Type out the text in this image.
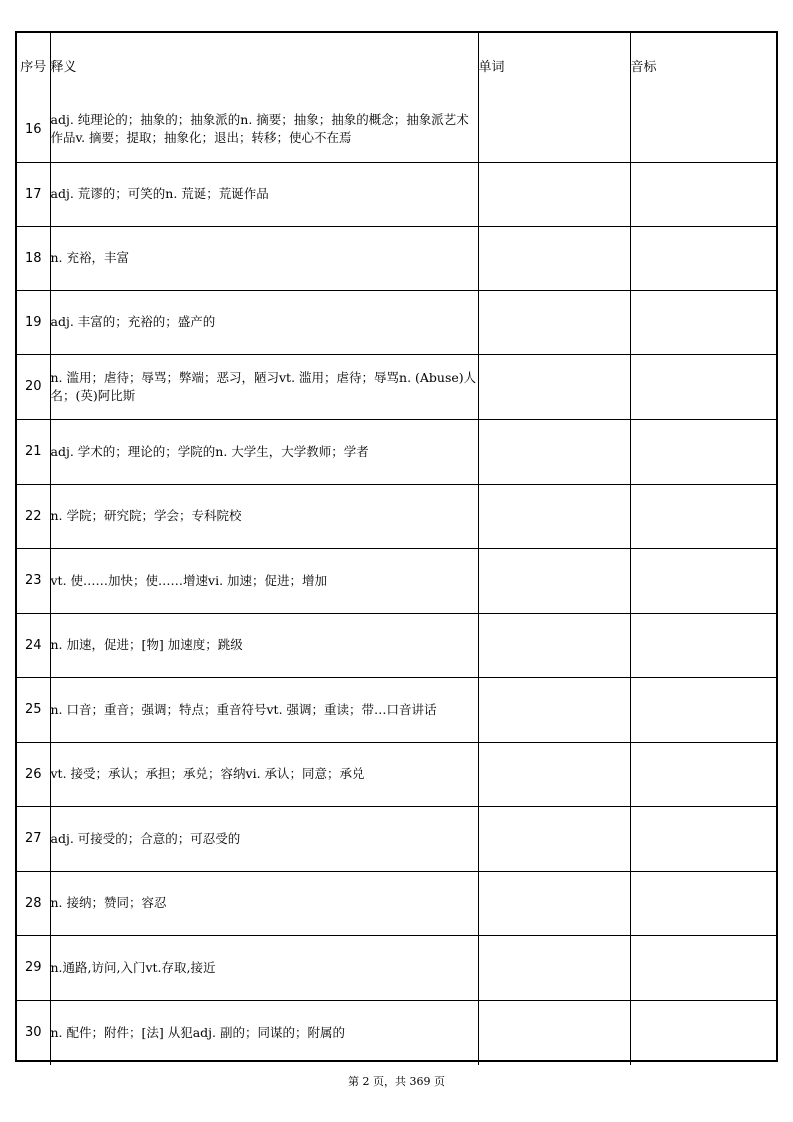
序号	释义	单词	音标
16	adj. 纯理论的；抽象的；抽象派的n. 摘要；抽象；抽象的概念；抽象派艺术作品v. 摘要；提取；抽象化；退出；转移；使心不在焉		
17	adj. 荒谬的；可笑的n. 荒诞；荒诞作品		
18	n. 充裕，丰富		
19	adj. 丰富的；充裕的；盛产的		
20	n. 滥用；虐待；辱骂；弊端；恶习，陋习vt. 滥用；虐待；辱骂n. (Abuse)人名；(英)阿比斯		
21	adj. 学术的；理论的；学院的n. 大学生，大学教师；学者		
22	n. 学院；研究院；学会；专科院校		
23	vt. 使……加快；使……增速vi. 加速；促进；增加		
24	n. 加速，促进；[物] 加速度；跳级		
25	n. 口音；重音；强调；特点；重音符号vt. 强调；重读；带…口音讲话		
26	vt. 接受；承认；承担；承兑；容纳vi. 承认；同意；承兑		
27	adj. 可接受的；合意的；可忍受的		
28	n. 接纳；赞同；容忍		
29	n.通路,访问,入门vt.存取,接近		
30	n. 配件；附件；[法] 从犯adj. 副的；同谋的；附属的		
第 2 页，共 369 页
